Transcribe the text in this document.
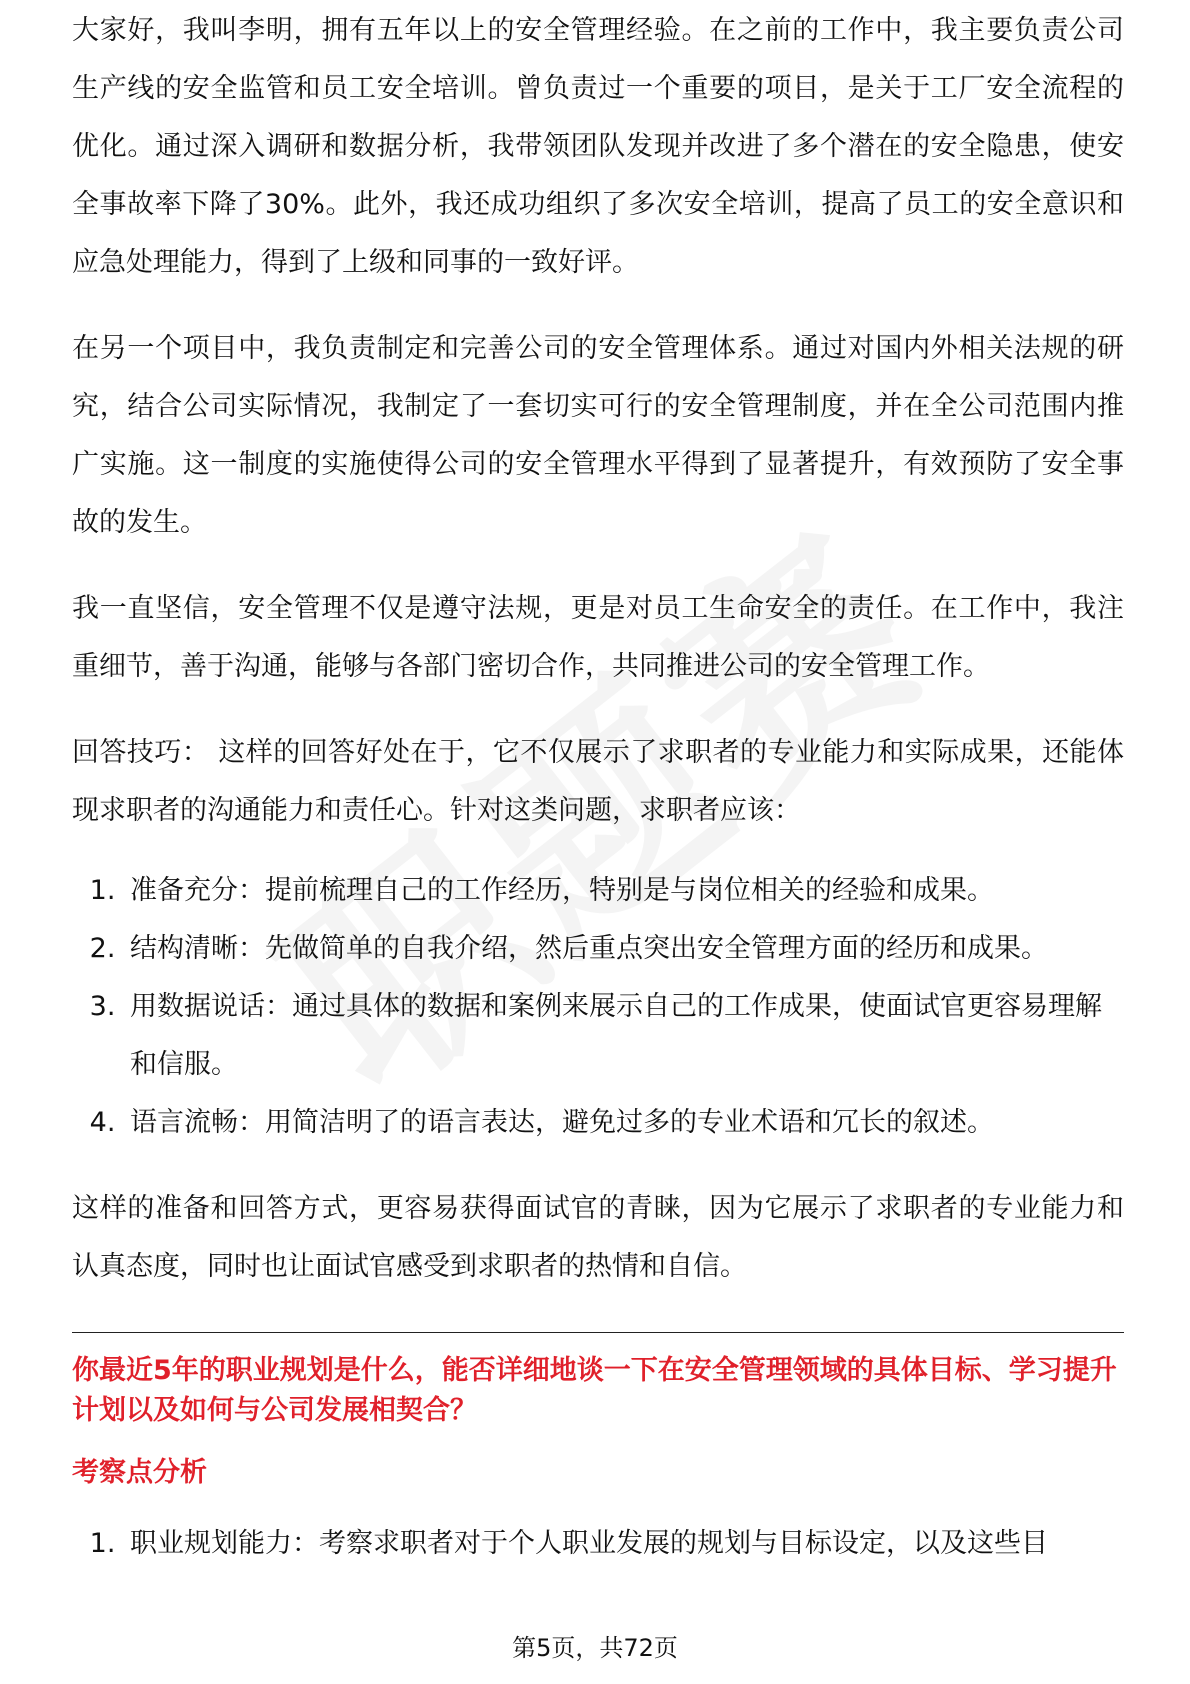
大家好，我叫李明，拥有五年以上的安全管理经验。在之前的工作中，我主要负责公司生产线的安全监管和员工安全培训。曾负责过一个重要的项目，是关于工厂安全流程的优化。通过深入调研和数据分析，我带领团队发现并改进了多个潜在的安全隐患，使安全事故率下降了30%。此外，我还成功组织了多次安全培训，提高了员工的安全意识和应急处理能力，得到了上级和同事的一致好评。

在另一个项目中，我负责制定和完善公司的安全管理体系。通过对国内外相关法规的研究，结合公司实际情况，我制定了一套切实可行的安全管理制度，并在全公司范围内推广实施。这一制度的实施使得公司的安全管理水平得到了显著提升，有效预防了安全事故的发生。

我一直坚信，安全管理不仅是遵守法规，更是对员工生命安全的责任。在工作中，我注重细节，善于沟通，能够与各部门密切合作，共同推进公司的安全管理工作。

回答技巧： 这样的回答好处在于，它不仅展示了求职者的专业能力和实际成果，还能体现求职者的沟通能力和责任心。针对这类问题，求职者应该：

1. 准备充分：提前梳理自己的工作经历，特别是与岗位相关的经验和成果。
2. 结构清晰：先做简单的自我介绍，然后重点突出安全管理方面的经历和成果。
3. 用数据说话：通过具体的数据和案例来展示自己的工作成果，使面试官更容易理解和信服。
4. 语言流畅：用简洁明了的语言表达，避免过多的专业术语和冗长的叙述。

这样的准备和回答方式，更容易获得面试官的青睐，因为它展示了求职者的专业能力和认真态度，同时也让面试官感受到求职者的热情和自信。

你最近5年的职业规划是什么，能否详细地谈一下在安全管理领域的具体目标、学习提升计划以及如何与公司发展相契合？

考察点分析

1. 职业规划能力：考察求职者对于个人职业发展的规划与目标设定，以及这些目
第5页，共72页
